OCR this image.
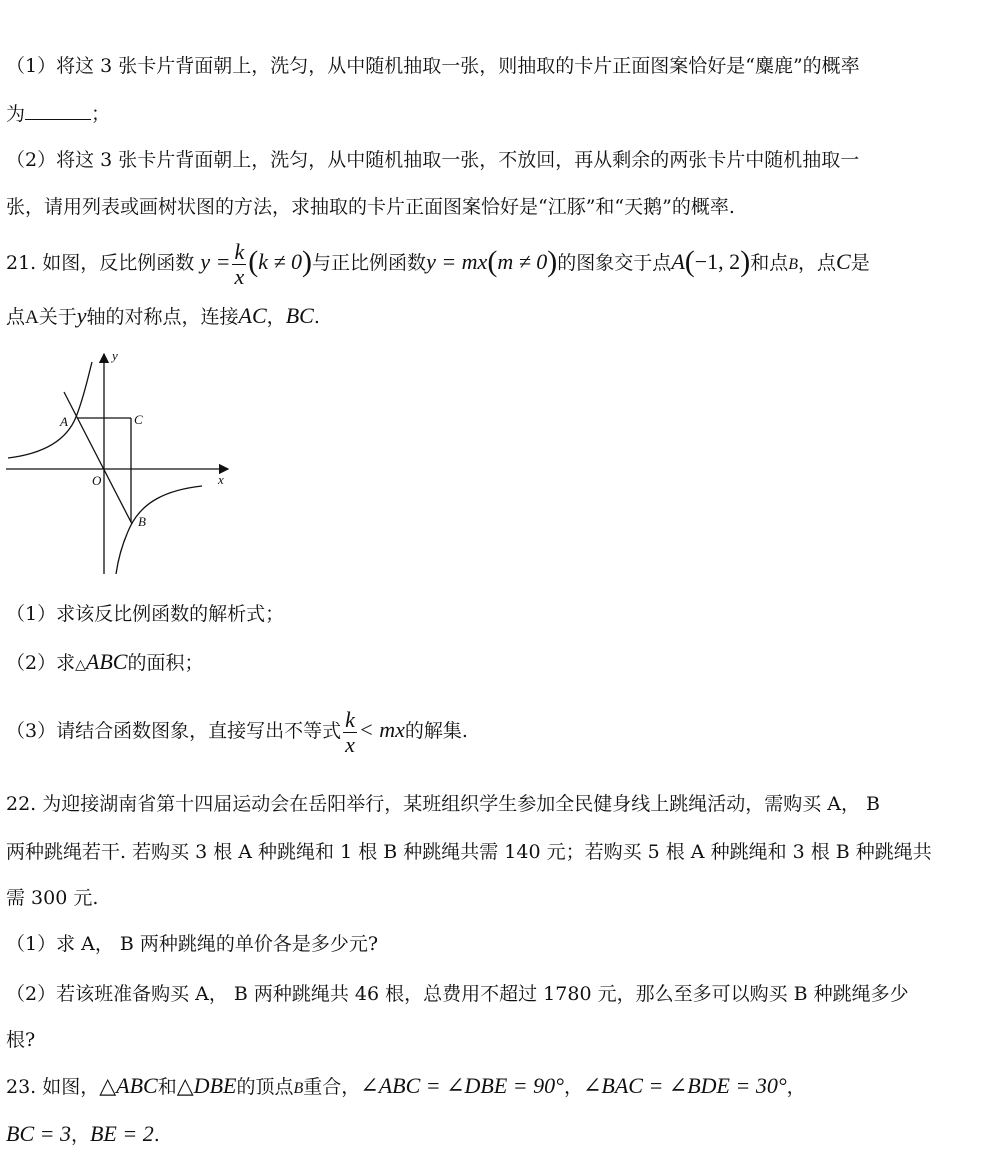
（1）将这 3 张卡片背面朝上，洗匀，从中随机抽取一张，则抽取的卡片正面图案恰好是“麋鹿”的概率
为	；
（2）将这 3 张卡片背面朝上，洗匀，从中随机抽取一张，不放回，再从剩余的两张卡片中随机抽取一
张，请用列表或画树状图的方法，求抽取的卡片正面图案恰好是“江豚”和“天鹅”的概率.
21. 如图，反比例函数 $y = \frac{k}{x} (k \ne 0)$与正比例函数y = mx(m ≠ 0)的图象交于点A(−1, 2)和点B，点C是
点A关于y轴的对称点，连接AC，BC.
y
x
O
A	C
B
（1）求该反比例函数的解析式；
（2）求△ABC的面积；
（3）请结合函数图象，直接写出不等式 $\frac{k}{x}$ < mx的解集.
22. 为迎接湖南省第十四届运动会在岳阳举行，某班组织学生参加全民健身线上跳绳活动，需购买 A， B
两种跳绳若干. 若购买 3 根 A 种跳绳和 1 根 B 种跳绳共需 140 元；若购买 5 根 A 种跳绳和 3 根 B 种跳绳共
需 300 元.
（1）求 A， B 两种跳绳的单价各是多少元?
（2）若该班准备购买 A， B 两种跳绳共 46 根，总费用不超过 1780 元，那么至多可以购买 B 种跳绳多少
根?
23. 如图，△ABC和△DBE的顶点B重合，∠ABC = ∠DBE = 90°，∠BAC = ∠BDE = 30°，
BC = 3，BE = 2.
